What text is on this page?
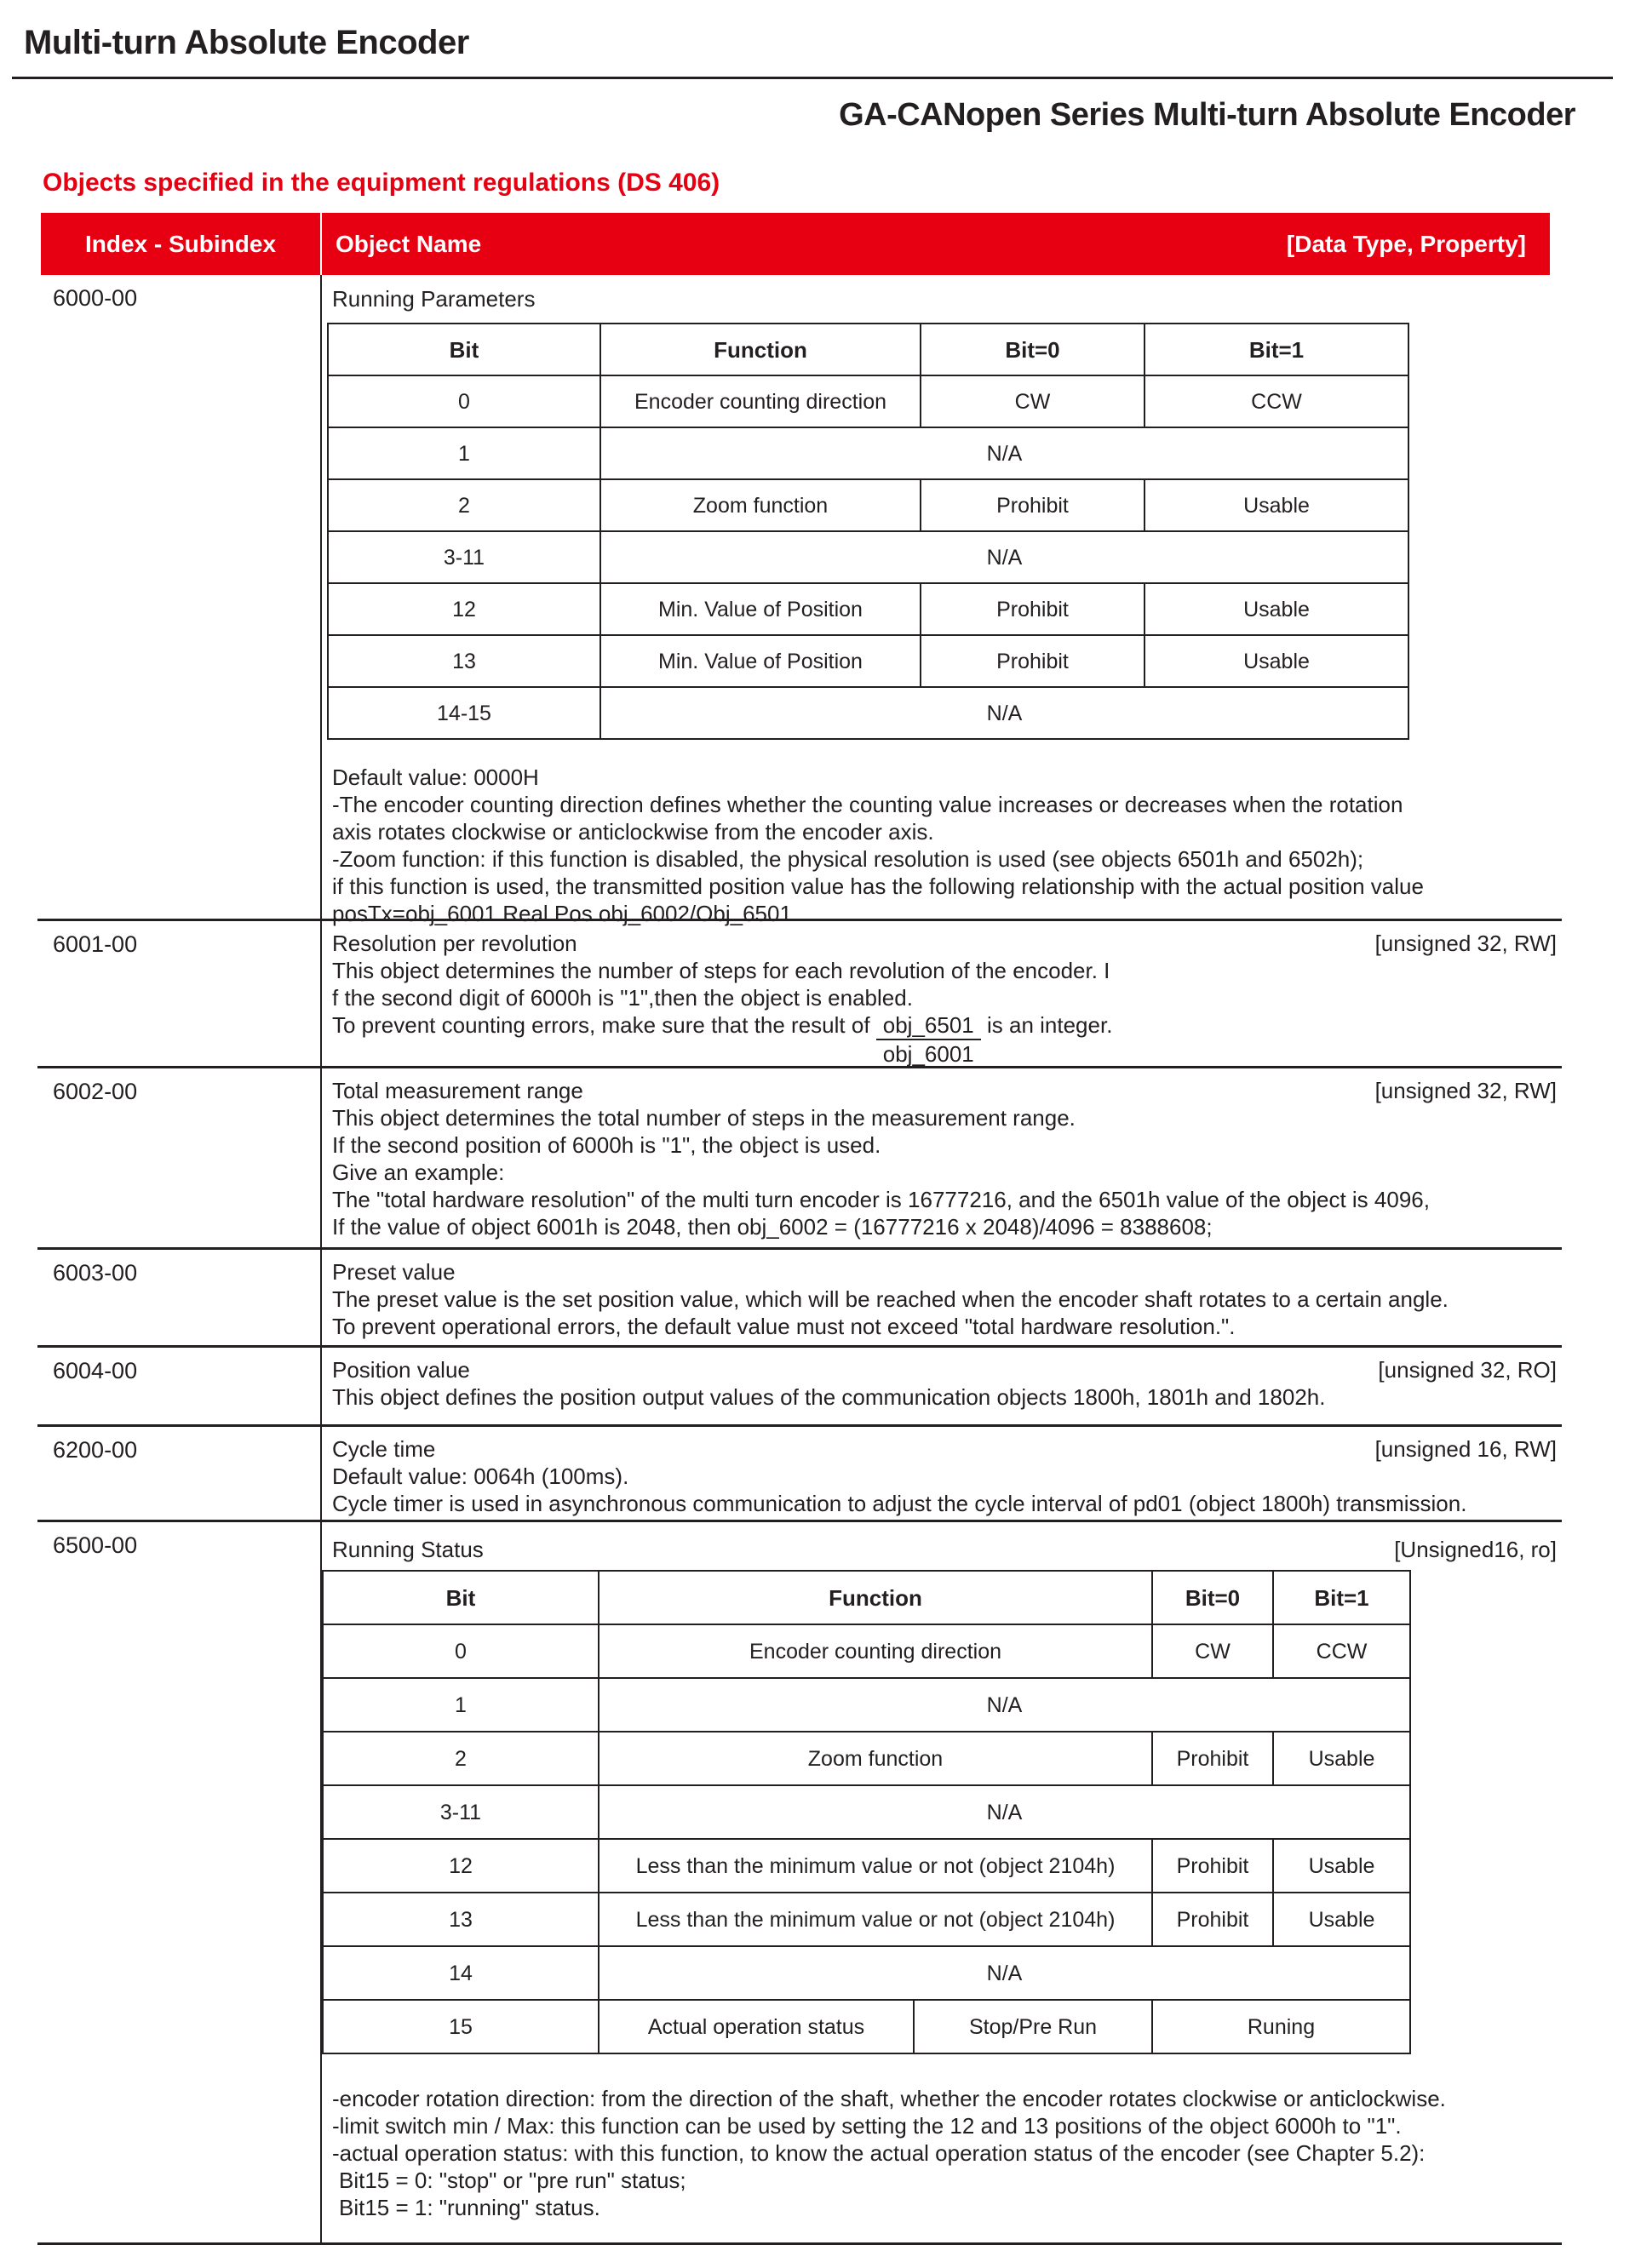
Multi-turn Absolute Encoder
GA-CANopen Series Multi-turn Absolute Encoder
Objects specified in the equipment regulations (DS 406)
Index - Subindex	Object Name	[Data Type, Property]
6000-00	Running Parameters
Bit	Function	Bit=0	Bit=1
0	Encoder counting direction	CW	CCW
1	N/A
2	Zoom function	Prohibit	Usable
3-11	N/A
12	Min. Value of Position	Prohibit	Usable
13	Min. Value of Position	Prohibit	Usable
14-15	N/A
Default value: 0000H
-The encoder counting direction defines whether the counting value increases or decreases when the rotation
axis rotates clockwise or anticlockwise from the encoder axis.
-Zoom function: if this function is disabled, the physical resolution is used (see objects 6501h and 6502h);
if this function is used, the transmitted position value has the following relationship with the actual position value
posTx=obj_6001 Real Pos obj_6002/Obj_6501
6001-00	Resolution per revolution	[unsigned 32, RW]
This object determines the number of steps for each revolution of the encoder. I
f the second digit of 6000h is "1",then the object is enabled.
To prevent counting errors, make sure that the result of $\frac{\text{obj\_6501}}{\text{obj\_6001}}$ is an integer.
6002-00	Total measurement range	[unsigned 32, RW]
This object determines the total number of steps in the measurement range.
If the second position of 6000h is "1", the object is used.
Give an example:
The "total hardware resolution" of the multi turn encoder is 16777216, and the 6501h value of the object is 4096,
If the value of object 6001h is 2048, then obj_6002 = (16777216 x 2048)/4096 = 8388608;
6003-00	Preset value
The preset value is the set position value, which will be reached when the encoder shaft rotates to a certain angle.
To prevent operational errors, the default value must not exceed "total hardware resolution.".
6004-00	Position value	[unsigned 32, RO]
This object defines the position output values of the communication objects 1800h, 1801h and 1802h.
6200-00	Cycle time	[unsigned 16, RW]
Default value: 0064h (100ms).
Cycle timer is used in asynchronous communication to adjust the cycle interval of pd01 (object 1800h) transmission.
6500-00	Running Status	[Unsigned16, ro]
Bit	Function	Bit=0	Bit=1
0	Encoder counting direction	CW	CCW
1	N/A
2	Zoom function	Prohibit	Usable
3-11	N/A
12	Less than the minimum value or not (object 2104h)	Prohibit	Usable
13	Less than the minimum value or not (object 2104h)	Prohibit	Usable
14	N/A
15	Actual operation status	Stop/Pre Run	Runing
-encoder rotation direction: from the direction of the shaft, whether the encoder rotates clockwise or anticlockwise.
-limit switch min / Max: this function can be used by setting the 12 and 13 positions of the object 6000h to "1".
-actual operation status: with this function, to know the actual operation status of the encoder (see Chapter 5.2):
Bit15 = 0: "stop" or "pre run" status;
Bit15 = 1: "running" status.
